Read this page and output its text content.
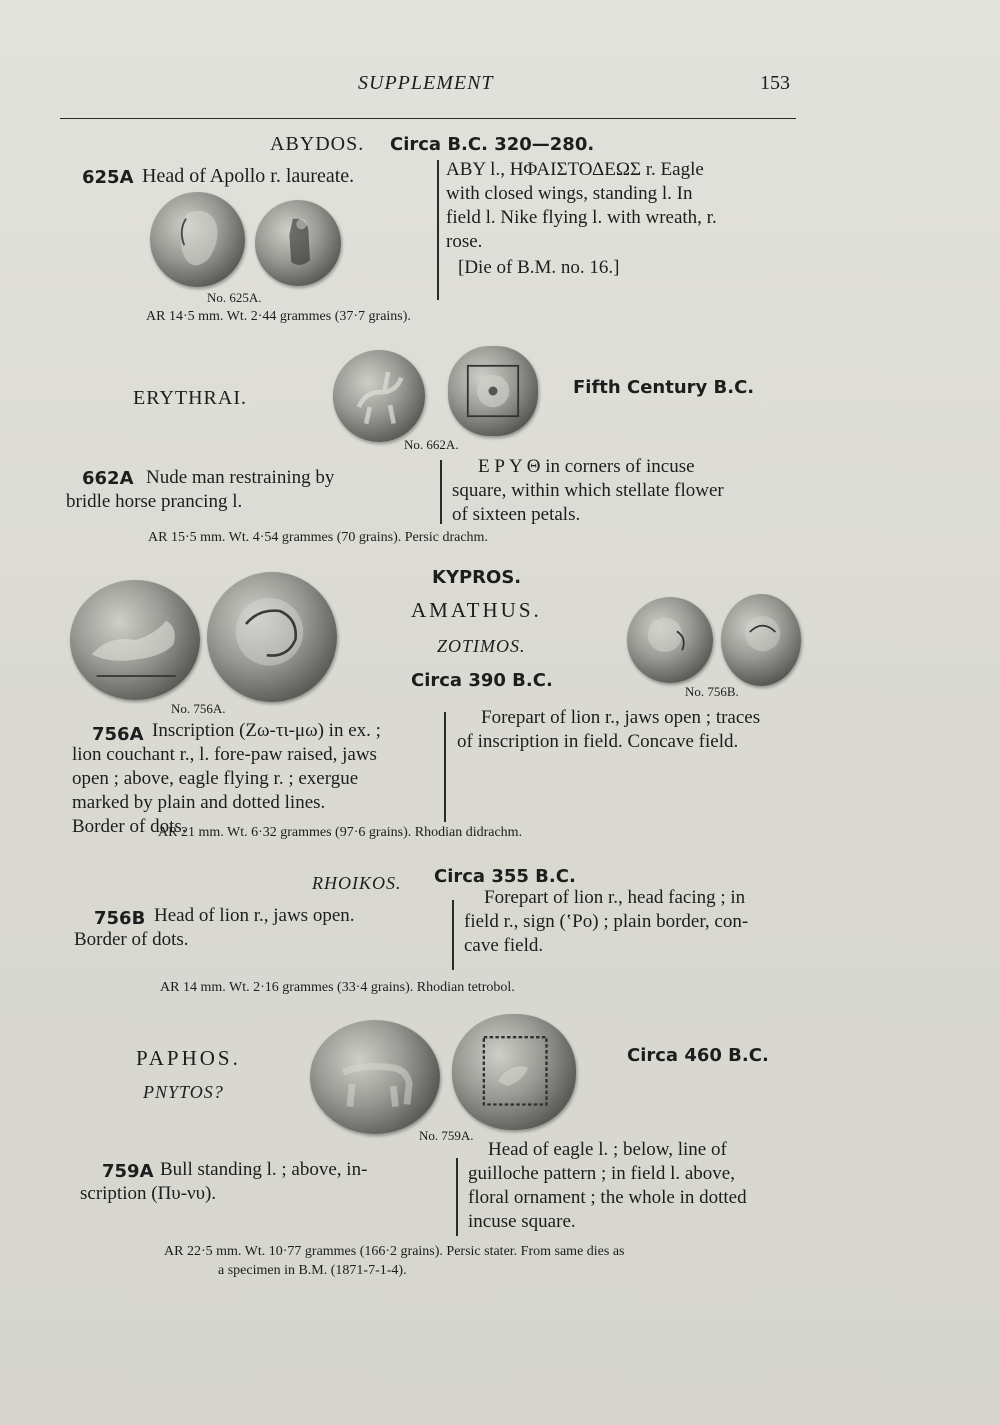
SUPPLEMENT	153
ABYDOS. Circa B.C. 320—280.
625A Head of Apollo r. laureate.
No. 625A.
ΑΒΥ l., ΗΦΑΙΣΤΟΔΕΩΣ r. Eagle
with closed wings, standing l. In
field l. Nike flying l. with wreath, r.
rose.
[Die of B.M. no. 16.]
AR 14·5 mm. Wt. 2·44 grammes (37·7 grains).
ERYTHRAI.	Fifth Century B.C.
No. 662A.
662A Nude man restraining by
bridle horse prancing l.
Ε Ρ Υ Θ in corners of incuse
square, within which stellate flower
of sixteen petals.
AR 15·5 mm. Wt. 4·54 grammes (70 grains). Persic drachm.
No. 756A.
KYPROS.
AMATHUS.
ZOTIMOS.
Circa 390 B.C.
No. 756B.
756A Inscription (Ζω-τι-μω) in ex. ;
lion couchant r., l. fore-paw raised, jaws
open ; above, eagle flying r. ; exergue
marked by plain and dotted lines.
Border of dots.
Forepart of lion r., jaws open ; traces
of inscription in field. Concave field.
AR 21 mm. Wt. 6·32 grammes (97·6 grains). Rhodian didrachm.
RHOIKOS. Circa 355 B.C.
756B Head of lion r., jaws open.
Border of dots.
Forepart of lion r., head facing ; in
field r., sign (ʽΡο) ; plain border, con-
cave field.
AR 14 mm. Wt. 2·16 grammes (33·4 grains). Rhodian tetrobol.
PAPHOS.
PNYTOS?
Circa 460 B.C.
No. 759A.
759A Bull standing l. ; above, in-
scription (Πυ-νυ).
Head of eagle l. ; below, line of
guilloche pattern ; in field l. above,
floral ornament ; the whole in dotted
incuse square.
AR 22·5 mm. Wt. 10·77 grammes (166·2 grains). Persic stater. From same dies as
a specimen in B.M. (1871-7-1-4).
